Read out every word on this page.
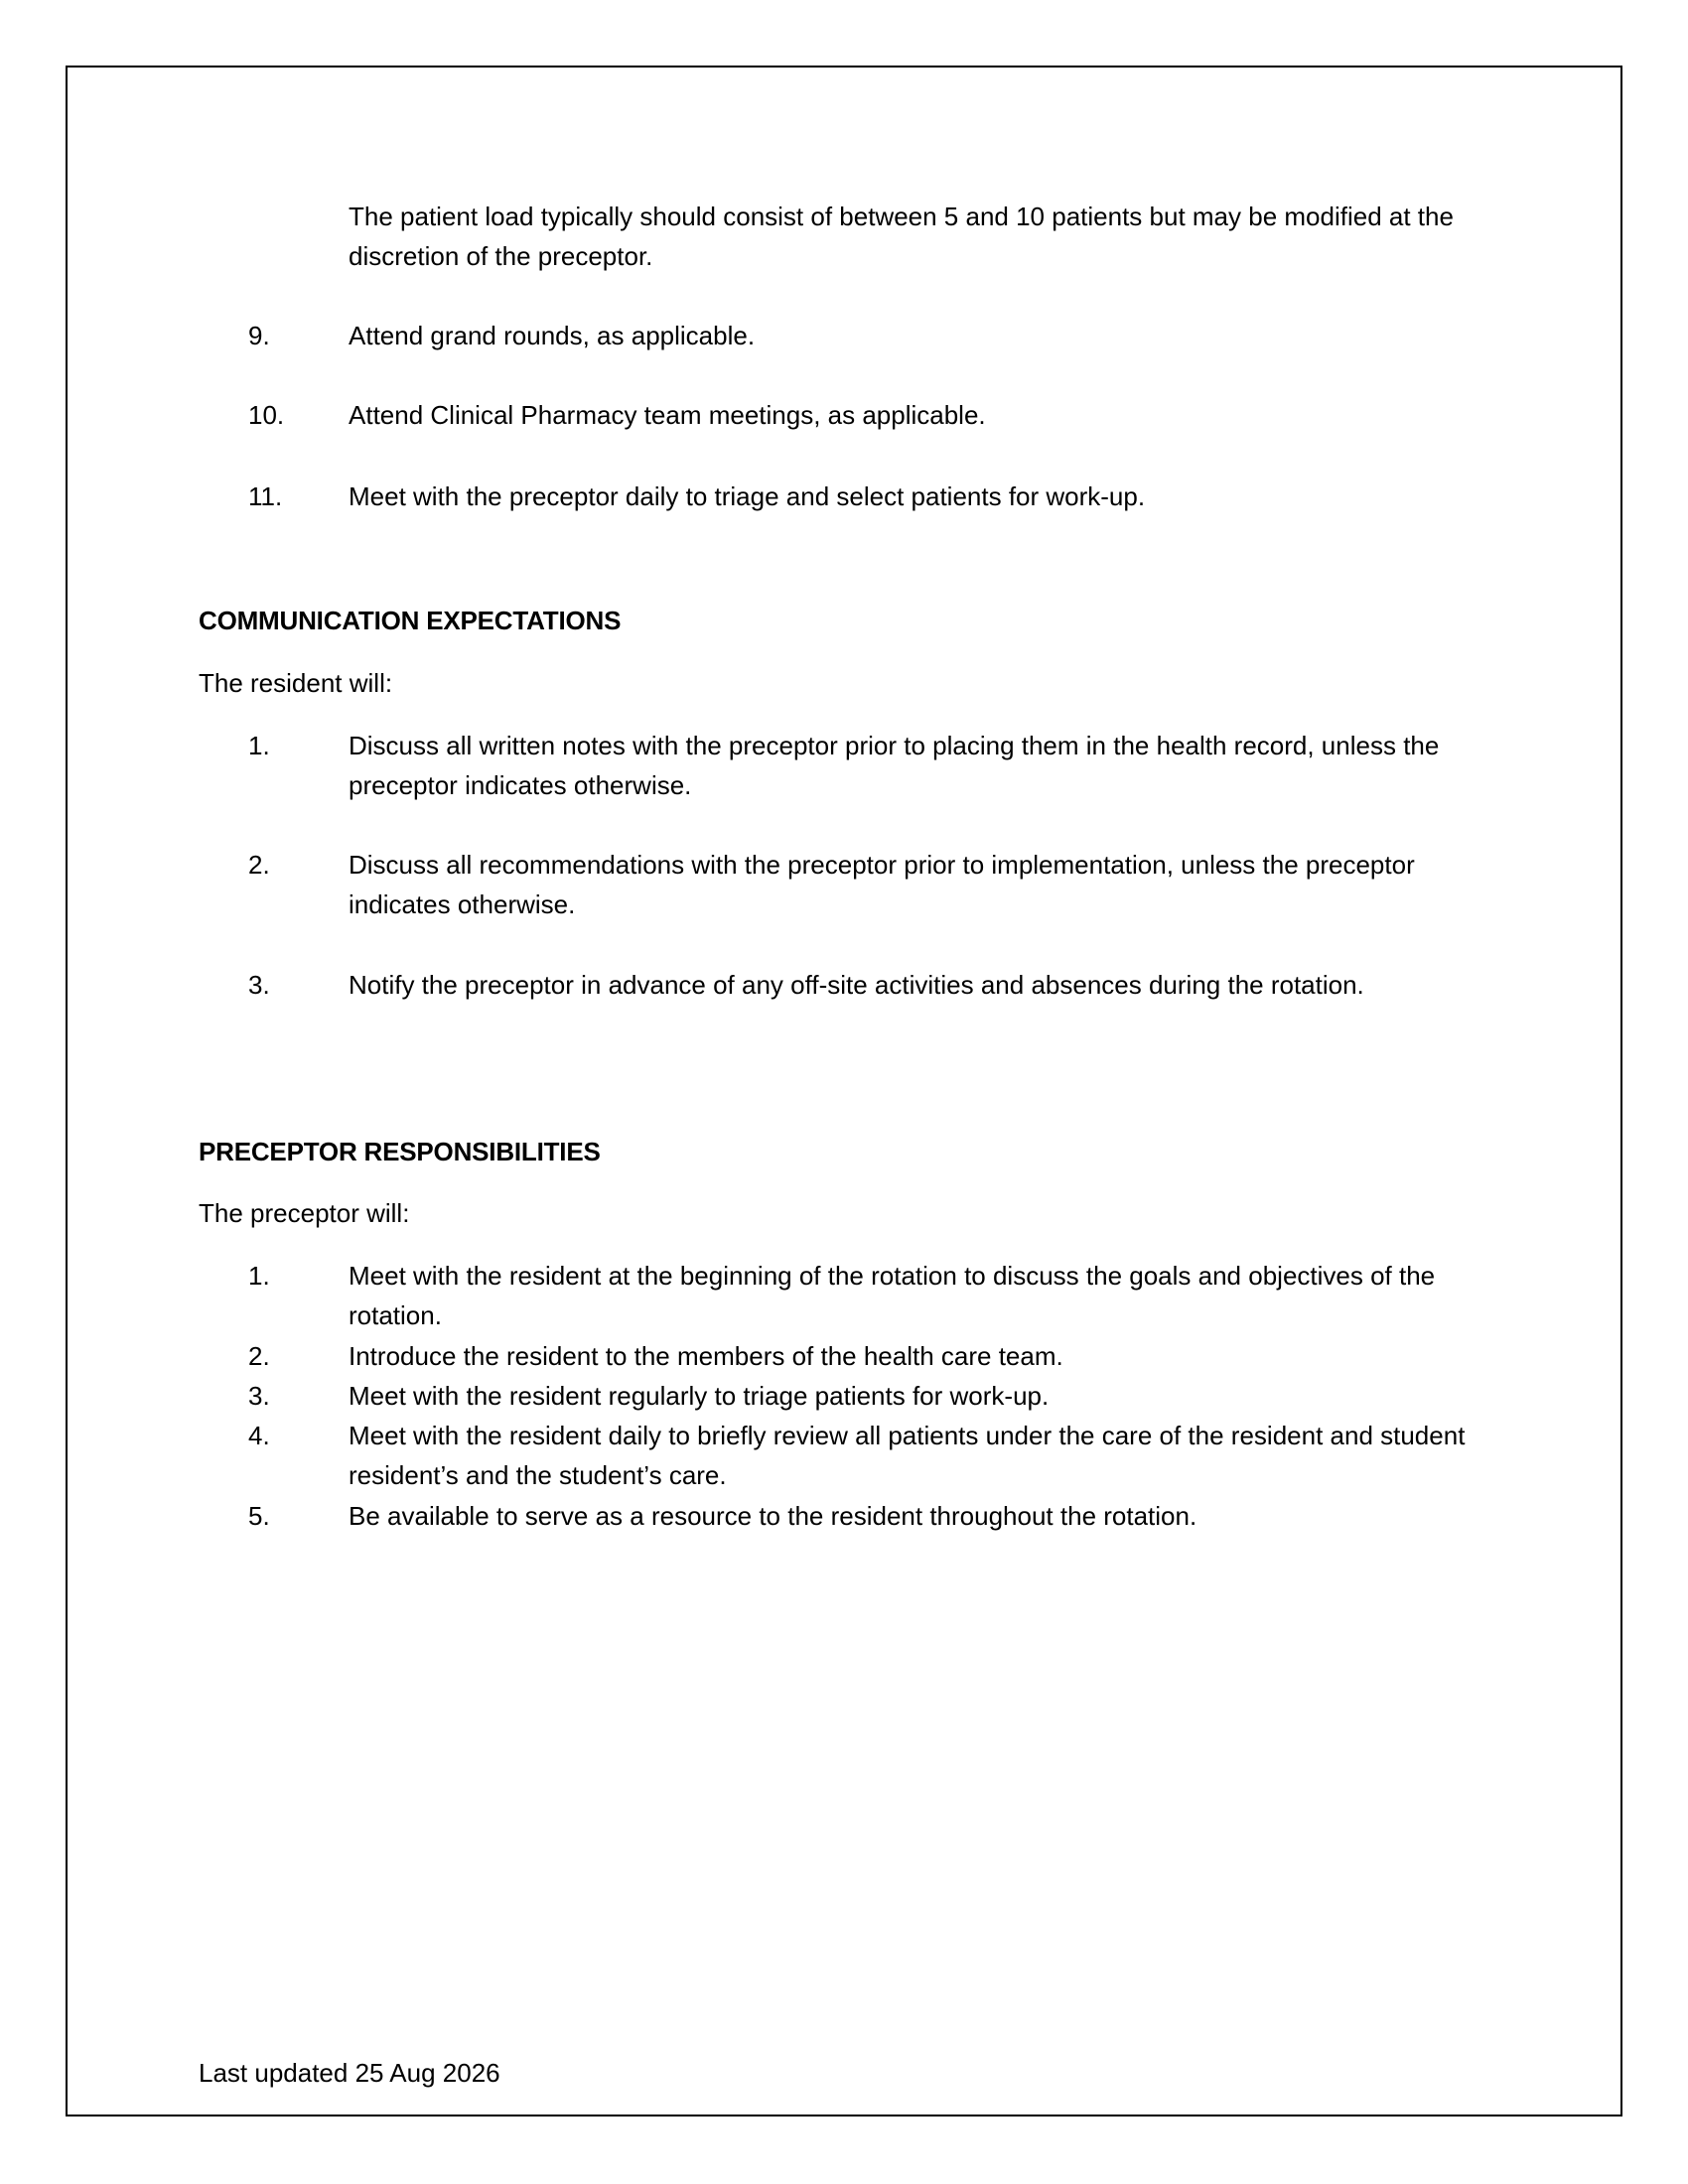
The patient load typically should consist of between 5 and 10 patients but may be modified at the discretion of the preceptor.
9.	Attend grand rounds, as applicable.
10. Attend Clinical Pharmacy team meetings, as applicable.
11.	Meet with the preceptor daily to triage and select patients for work-up.
COMMUNICATION EXPECTATIONS
The resident will:
1.	Discuss all written notes with the preceptor prior to placing them in the health record, unless the preceptor indicates otherwise.
2.	Discuss all recommendations with the preceptor prior to implementation, unless the preceptor indicates otherwise.
3.	Notify the preceptor in advance of any off-site activities and absences during the rotation.
PRECEPTOR RESPONSIBILITIES
The preceptor will:
1.	Meet with the resident at the beginning of the rotation to discuss the goals and objectives of the rotation.
2.	Introduce the resident to the members of the health care team.
3.	Meet with the resident regularly to triage patients for work-up.
4.	Meet with the resident daily to briefly review all patients under the care of the resident and student resident’s and the student’s care.
5.	Be available to serve as a resource to the resident throughout the rotation.
Last updated 25 Aug 2026
